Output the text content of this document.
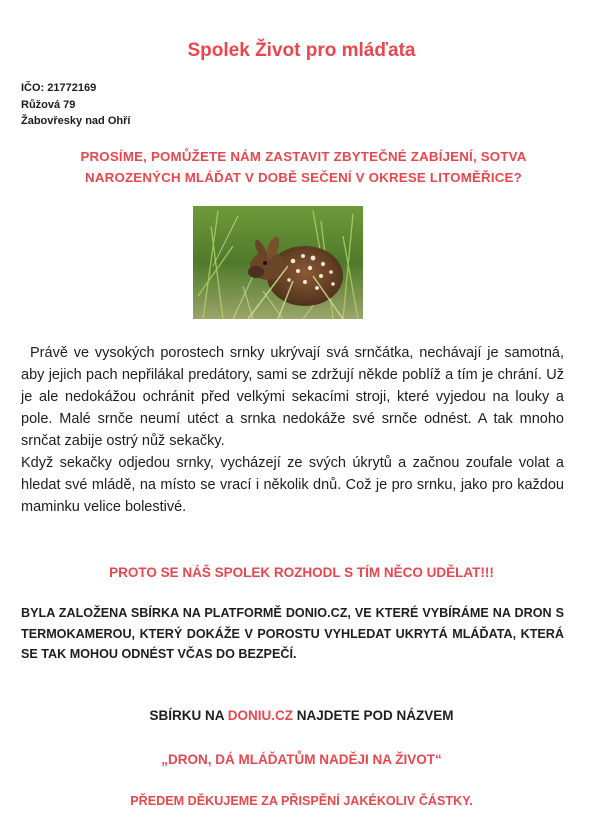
Spolek Život pro mláďata
IČO: 21772169
Růžová 79
Žabovřesky nad Ohří
PROSÍME, POMŮŽETE NÁM ZASTAVIT ZBYTEČNÉ ZABÍJENÍ, SOTVA
NAROZENÝCH MLÁĎAT V DOBĚ SEČENÍ V OKRESE LITOMĚŘICE?

Právě ve vysokých porostech srnky ukrývají svá srnčátka, nechávají je samotná, aby jejich pach nepřilákal predátory, sami se zdržují někde poblíž a tím je chrání. Už je ale nedokážou ochránit před velkými sekacími stroji, které vyjedou na louky a pole. Malé srnče neumí utéct a srnka nedokáže své srnče odnést. A tak mnoho srnčat zabije ostrý nůž sekačky.

Když sekačky odjedou srnky, vycházejí ze svých úkrytů a začnou zoufale volat a hledat své mládě, na místo se vrací i několik dnů. Což je pro srnku, jako pro každou maminku velice bolestivé.

PROTO SE NÁŠ SPOLEK ROZHODL S TÍM NĚCO UDĚLAT!!!
BYLA ZALOŽENA SBÍRKA NA PLATFORMĚ DONIO.CZ, VE KTERÉ VYBÍRÁME NA DRON S TERMOKAMEROU, KTERÝ DOKÁŽE V POROSTU VYHLEDAT UKRYTÁ MLÁĎATA, KTERÁ SE TAK MOHOU ODNÉST VČAS DO BEZPEČÍ.
SBÍRKU NA DONIU.CZ NAJDETE POD NÁZVEM
„DRON, DÁ MLÁĎATŮM NADĚJI NA ŽIVOT“
PŘEDEM DĚKUJEME ZA PŘISPĚNÍ JAKÉKOLIV ČÁSTKY.
